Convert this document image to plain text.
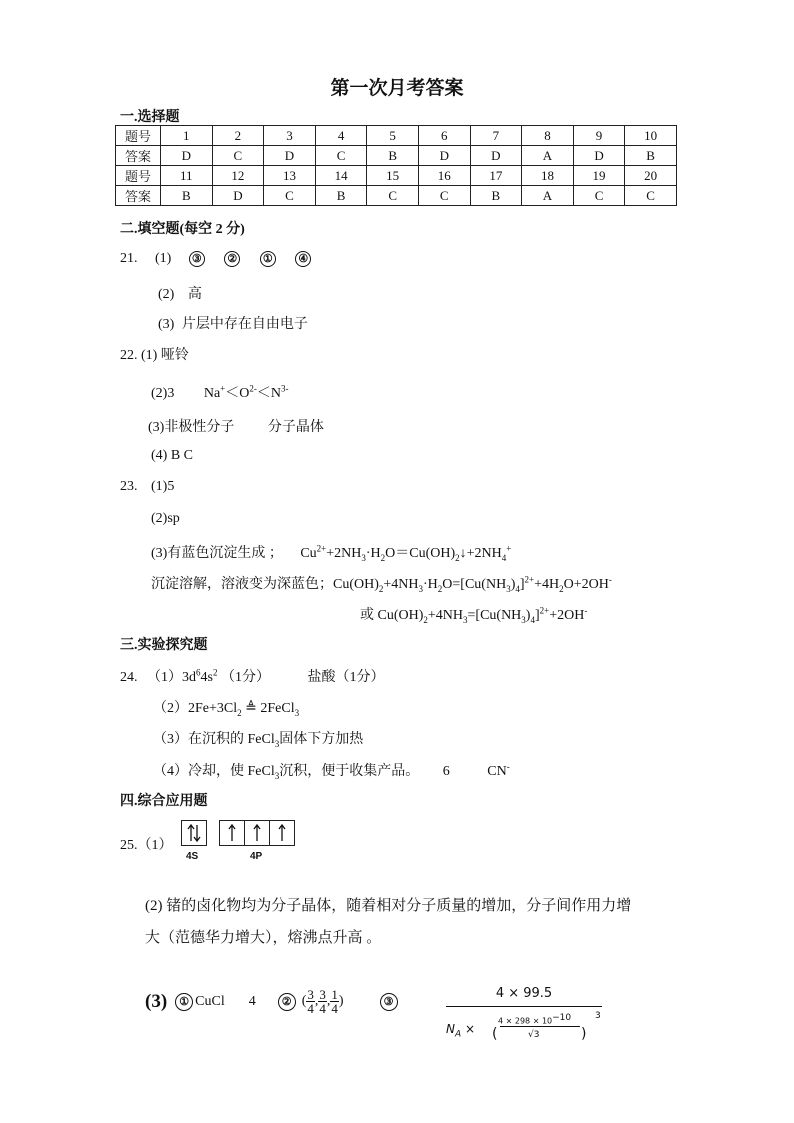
第一次月考答案
一.选择题
题号	1	2	3	4	5	6	7	8	9	10
答案	D	C	D	C	B	D	D	A	D	B
题号	11	12	13	14	15	16	17	18	19	20
答案	B	D	C	B	C	C	B	A	C	C
二.填空题(每空 2 分)
21. (1) ③ ② ① ④
(2) 高
(3) 片层中存在自由电子
22. (1) 哑铃
(2)3 $Na^+<O^{2-}<N^{3-}$
(3)非极性分子 分子晶体
(4) B C
23. (1)5
(2)sp
(3)有蓝色沉淀生成 ； $Cu^{2+}+2NH_3\cdot H_2O=Cu(OH)_2↓+2NH_4^+$
沉淀溶解，溶液变为深蓝色；$Cu(OH)_2+4NH_3\cdot H_2O=[Cu(NH_3)_4]^{2+}+4H_2O+2OH^-$
或 $Cu(OH)_2+4NH_3=[Cu(NH_3)_4]^{2+}+2OH^-$
三.实验探究题
24. $(1)3d^64s^2$ （1分）	盐酸（1分）
$(2)2Fe+3Cl_2$ ≜ 2FeCl$_3$
（3）在沉积的 FeCl$_3$固体下方加热
（4）冷却，使 FeCl$_3$沉积，便于收集产品。 6	CN-
四.综合应用题
25.（1）
4S	4P
(2) 锗的卤化物均为分子晶体，随着相对分子质量的增加，分子间作用力增
大（范德华力增大），熔沸点升高 。
(3)	① CuCl 4	② ( $\frac{3}{4}$ , $\frac{3}{4}$ , $\frac{1}{4}$ )	③
4 × 99.5
$N_A$ × (
$4 \times 298 \times 10^{-10}$
√3	)
3
